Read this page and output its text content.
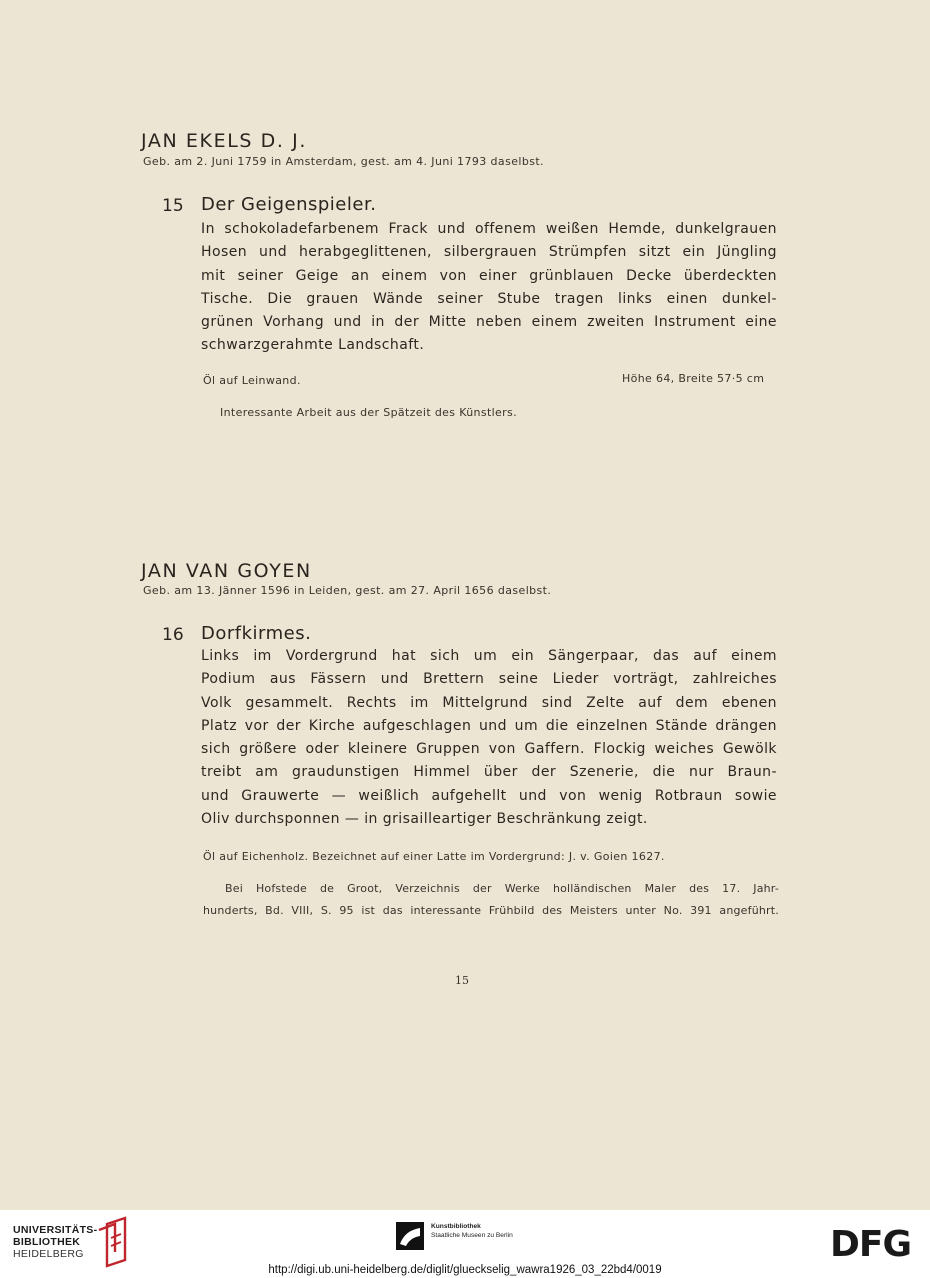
JAN EKELS D. J.
Geb. am 2. Juni 1759 in Amsterdam, gest. am 4. Juni 1793 daselbst.
15 Der Geigenspieler.
In schokoladefarbenem Frack und offenem weißen Hemde, dunkelgrauen
Hosen und herabgeglittenen, silbergrauen Strümpfen sitzt ein Jüngling
mit seiner Geige an einem von einer grünblauen Decke überdeckten
Tische. Die grauen Wände seiner Stube tragen links einen dunkel-
grünen Vorhang und in der Mitte neben einem zweiten Instrument eine
schwarzgerahmte Landschaft.
Öl auf Leinwand.	Höhe 64, Breite 57·5 cm
Interessante Arbeit aus der Spätzeit des Künstlers.
JAN VAN GOYEN
Geb. am 13. Jänner 1596 in Leiden, gest. am 27. April 1656 daselbst.
16 Dorfkirmes.
Links im Vordergrund hat sich um ein Sängerpaar, das auf einem
Podium aus Fässern und Brettern seine Lieder vorträgt, zahlreiches
Volk gesammelt. Rechts im Mittelgrund sind Zelte auf dem ebenen
Platz vor der Kirche aufgeschlagen und um die einzelnen Stände drängen
sich größere oder kleinere Gruppen von Gaffern. Flockig weiches Gewölk
treibt am graudunstigen Himmel über der Szenerie, die nur Braun-
und Grauwerte — weißlich aufgehellt und von wenig Rotbraun sowie
Oliv durchsponnen — in grisailleartiger Beschränkung zeigt.
Öl auf Eichenholz. Bezeichnet auf einer Latte im Vordergrund: J. v. Goien 1627.
Bei Hofstede de Groot, Verzeichnis der Werke holländischen Maler des 17. Jahr-
hunderts, Bd. VIII, S. 95 ist das interessante Frühbild des Meisters unter No. 391 angeführt.
15
UNIVERSITÄTS-
BIBLIOTHEK
HEIDELBERG
Kunstbibliothek
Staatliche Museen zu Berlin	DFG
http://digi.ub.uni-heidelberg.de/diglit/glueckselig_wawra1926_03_22bd4/0019
